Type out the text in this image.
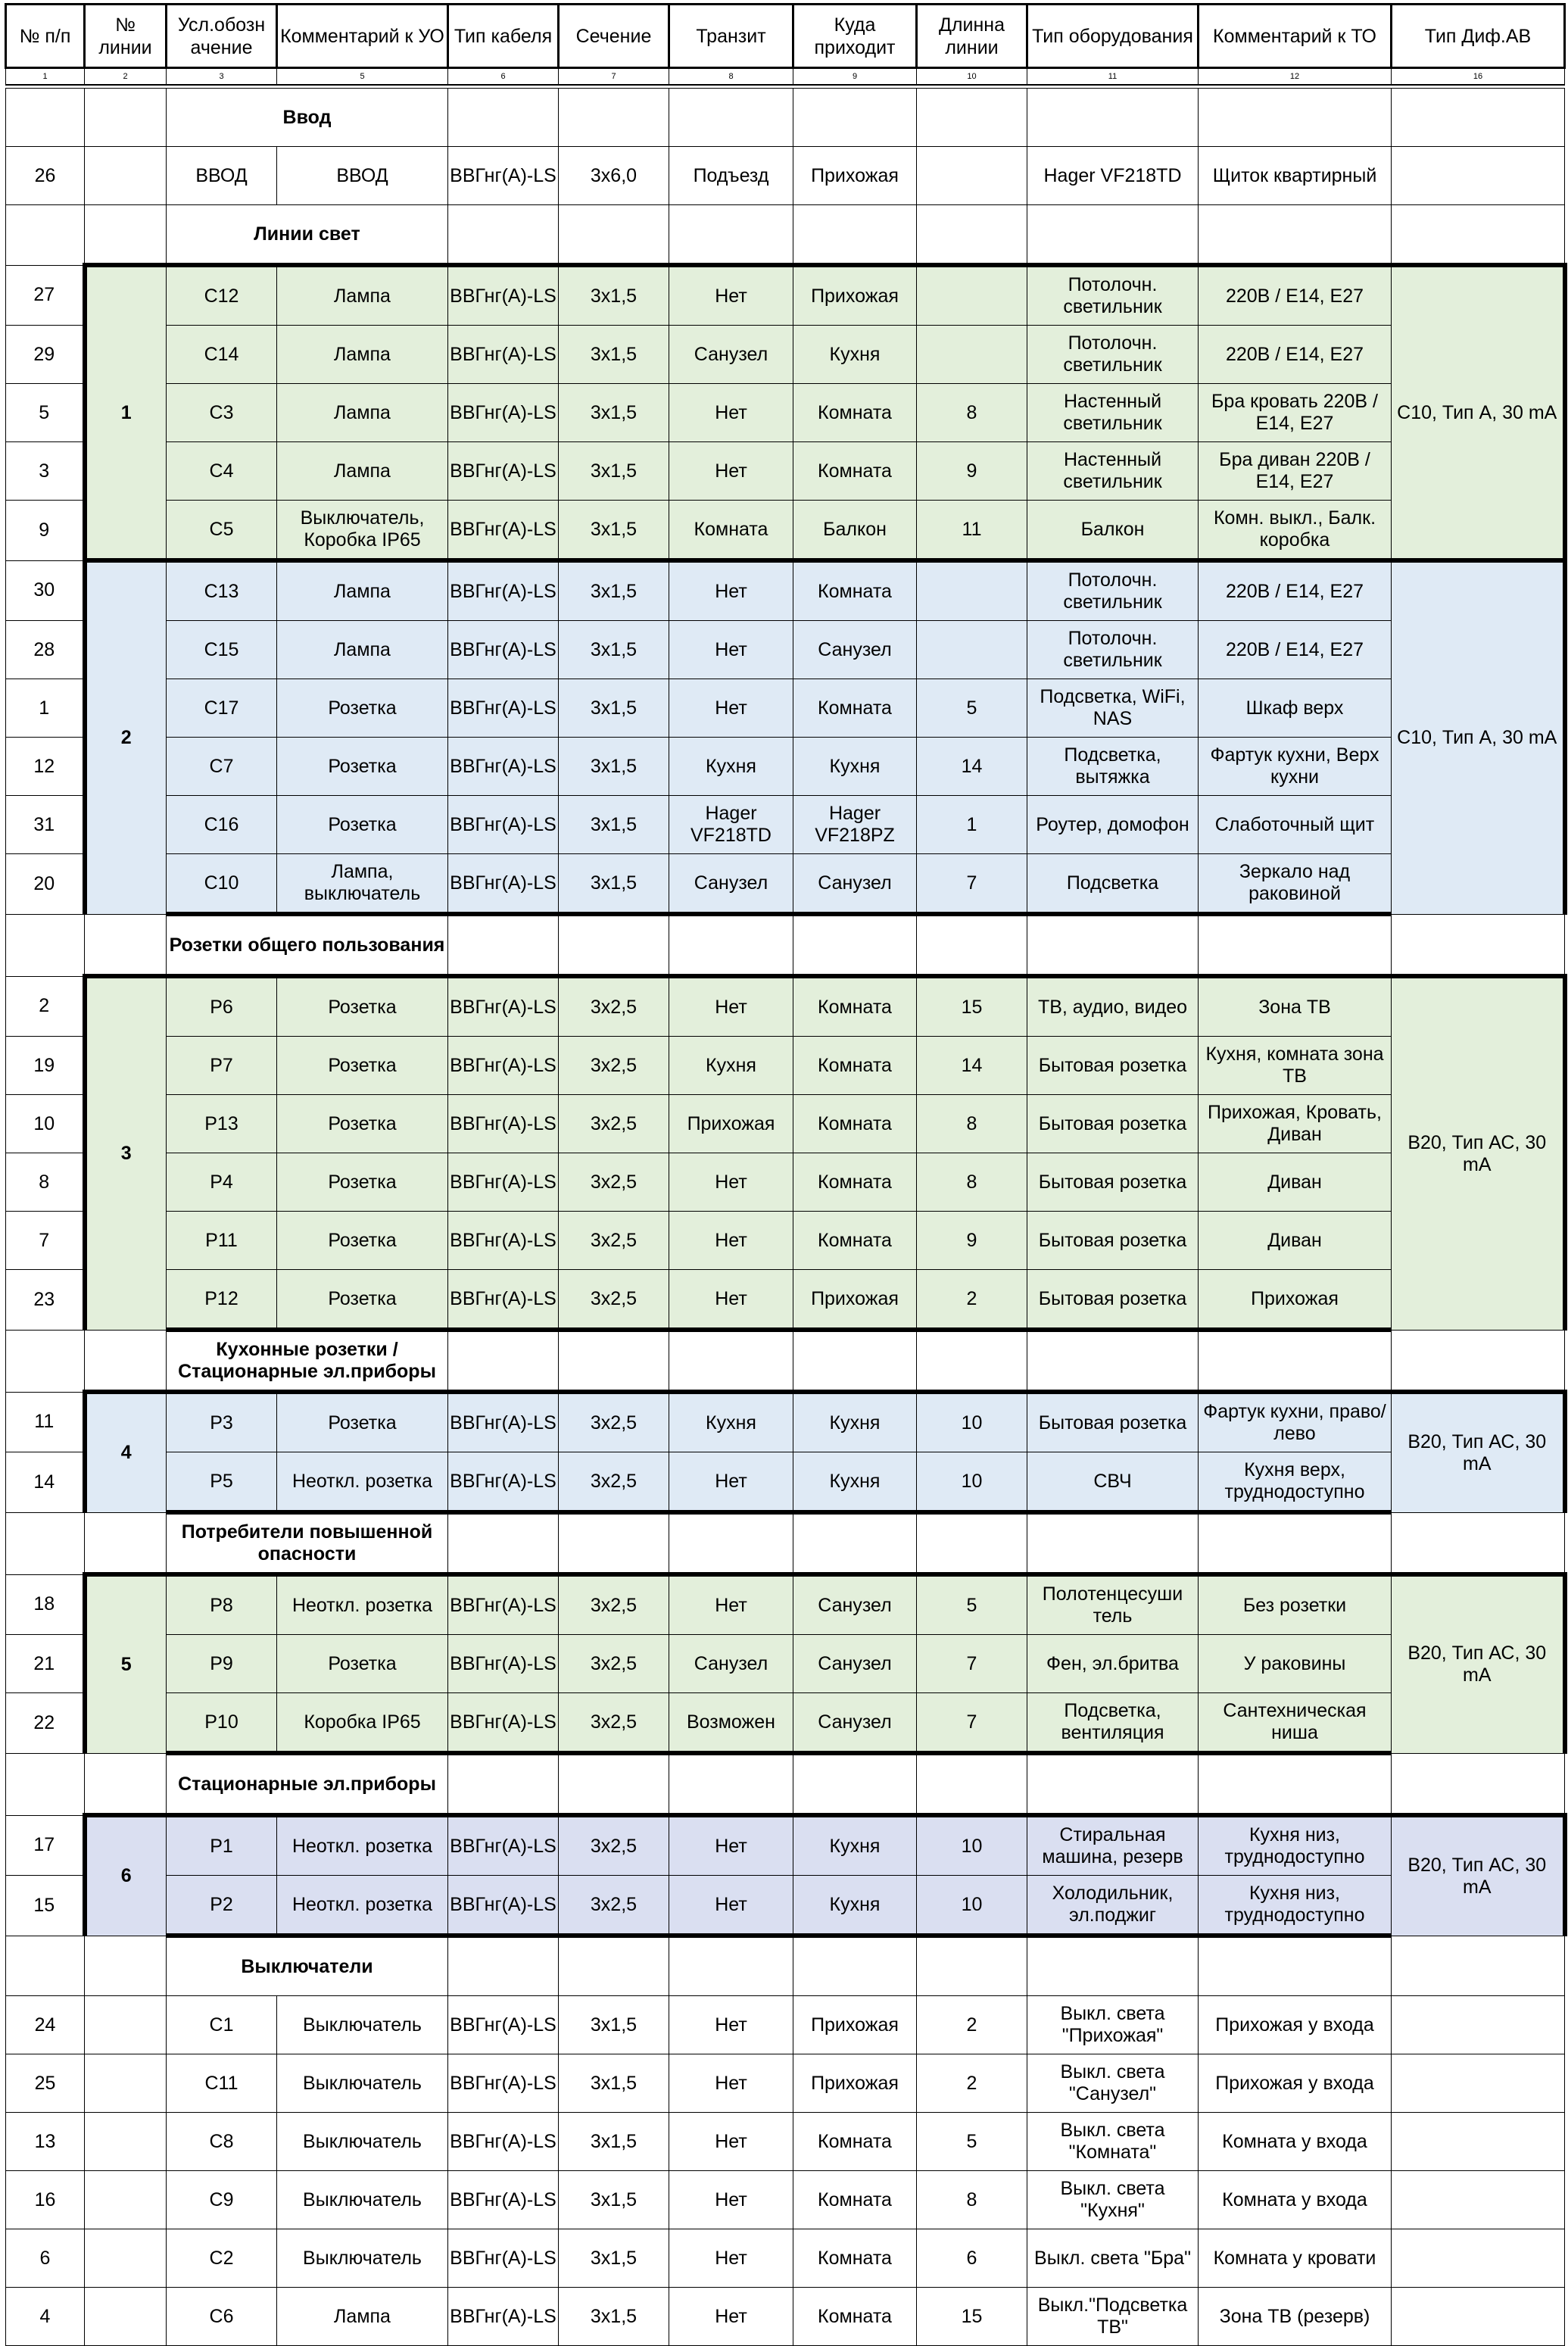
№ п/п	№ линии	Усл.обозн ачение	Комментарий к УО	Тип кабеля	Сечение	Транзит	Куда приходит	Длинна линии	Тип оборудования	Комментарий к ТО	Тип Диф.АВ
1	2	3	5	6	7	8	9	10	11	12	16

		Ввод									
26		ВВОД	ВВОД	ВВГнг(А)-LS	3х6,0	Подъезд	Прихожая		Hager VF218TD	Щиток квартирный	
		Линии свет									
27	1	C12	Лампа	ВВГнг(А)-LS	3х1,5	Нет	Прихожая		Потолочн. светильник	220В / E14, E27	C10, Тип А, 30 mA
29		C14	Лампа	ВВГнг(А)-LS	3х1,5	Санузел	Кухня		Потолочн. светильник	220В / E14, E27	
5		C3	Лампа	ВВГнг(А)-LS	3х1,5	Нет	Комната	8	Настенный светильник	Бра кровать 220В / E14, E27	
3		C4	Лампа	ВВГнг(А)-LS	3х1,5	Нет	Комната	9	Настенный светильник	Бра диван 220В / E14, E27	
9		C5	Выключатель, Коробка IP65	ВВГнг(А)-LS	3х1,5	Комната	Балкон	11	Балкон	Комн. выкл., Балк. коробка	
30	2	C13	Лампа	ВВГнг(А)-LS	3х1,5	Нет	Комната		Потолочн. светильник	220В / E14, E27	C10, Тип А, 30 mA
28		C15	Лампа	ВВГнг(А)-LS	3х1,5	Нет	Санузел		Потолочн. светильник	220В / E14, E27	
1		C17	Розетка	ВВГнг(А)-LS	3х1,5	Нет	Комната	5	Подсветка, WiFi, NAS	Шкаф верх	
12		C7	Розетка	ВВГнг(А)-LS	3х1,5	Кухня	Кухня	14	Подсветка, вытяжка	Фартук кухни, Верх кухни	
31		C16	Розетка	ВВГнг(А)-LS	3х1,5	Hager VF218TD	Hager VF218PZ	1	Роутер, домофон	Слаботочный щит	
20		C10	Лампа, выключатель	ВВГнг(А)-LS	3х1,5	Санузел	Санузел	7	Подсветка	Зеркало над раковиной	
		Розетки общего пользования									
2	3	P6	Розетка	ВВГнг(А)-LS	3х2,5	Нет	Комната	15	ТВ, аудио, видео	Зона ТВ	B20, Тип АС, 30 mA
19		P7	Розетка	ВВГнг(А)-LS	3х2,5	Кухня	Комната	14	Бытовая розетка	Кухня, комната зона ТВ	
10		P13	Розетка	ВВГнг(А)-LS	3х2,5	Прихожая	Комната	8	Бытовая розетка	Прихожая, Кровать, Диван	
8		P4	Розетка	ВВГнг(А)-LS	3х2,5	Нет	Комната	8	Бытовая розетка	Диван	
7		P11	Розетка	ВВГнг(А)-LS	3х2,5	Нет	Комната	9	Бытовая розетка	Диван	
23		P12	Розетка	ВВГнг(А)-LS	3х2,5	Нет	Прихожая	2	Бытовая розетка	Прихожая	
		Кухонные розетки / Стационарные эл.приборы									
11	4	P3	Розетка	ВВГнг(А)-LS	3х2,5	Кухня	Кухня	10	Бытовая розетка	Фартук кухни, право/лево	B20, Тип АС, 30 mA
14		P5	Неоткл. розетка	ВВГнг(А)-LS	3х2,5	Нет	Кухня	10	СВЧ	Кухня верх, труднодоступно	
		Потребители повышенной опасности									
18	5	P8	Неоткл. розетка	ВВГнг(А)-LS	3х2,5	Нет	Санузел	5	Полотенцесуши тель	Без розетки	B20, Тип АС, 30 mA
21		P9	Розетка	ВВГнг(А)-LS	3х2,5	Санузел	Санузел	7	Фен, эл.бритва	У раковины	
22		P10	Коробка IP65	ВВГнг(А)-LS	3х2,5	Возможен	Санузел	7	Подсветка, вентиляция	Сантехническая ниша	
		Стационарные эл.приборы									
17	6	P1	Неоткл. розетка	ВВГнг(А)-LS	3х2,5	Нет	Кухня	10	Стиральная машина, резерв	Кухня низ, труднодоступно	B20, Тип АС, 30 mA
15		P2	Неоткл. розетка	ВВГнг(А)-LS	3х2,5	Нет	Кухня	10	Холодильник, эл.поджиг	Кухня низ, труднодоступно	
		Выключатели									
24		C1	Выключатель	ВВГнг(А)-LS	3х1,5	Нет	Прихожая	2	Выкл. света "Прихожая"	Прихожая у входа	
25		C11	Выключатель	ВВГнг(А)-LS	3х1,5	Нет	Прихожая	2	Выкл. света "Санузел"	Прихожая у входа	
13		C8	Выключатель	ВВГнг(А)-LS	3х1,5	Нет	Комната	5	Выкл. света "Комната"	Комната у входа	
16		C9	Выключатель	ВВГнг(А)-LS	3х1,5	Нет	Комната	8	Выкл. света "Кухня"	Комната у входа	
6		C2	Выключатель	ВВГнг(А)-LS	3х1,5	Нет	Комната	6	Выкл. света "Бра"	Комната у кровати	
4		C6	Лампа	ВВГнг(А)-LS	3х1,5	Нет	Комната	15	Выкл."Подсветка ТВ"	Зона ТВ (резерв)	
